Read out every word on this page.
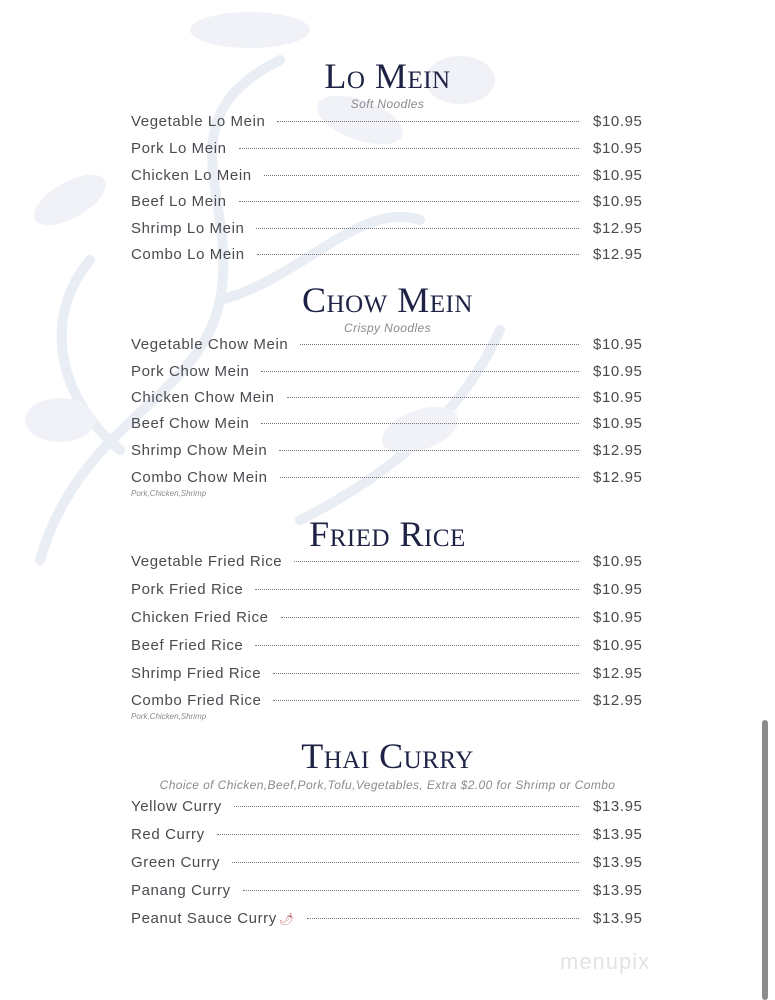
Lo Mein
Soft Noodles
Vegetable Lo Mein	$10.95
Pork Lo Mein	$10.95
Chicken Lo Mein	$10.95
Beef Lo Mein	$10.95
Shrimp Lo Mein	$12.95
Combo Lo Mein	$12.95
Chow Mein
Crispy Noodles
Vegetable Chow Mein	$10.95
Pork Chow Mein	$10.95
Chicken Chow Mein	$10.95
Beef Chow Mein	$10.95
Shrimp Chow Mein	$12.95
Combo Chow Mein	$12.95
Pork,Chicken,Shrimp
Fried Rice
Vegetable Fried Rice	$10.95
Pork Fried Rice	$10.95
Chicken Fried Rice	$10.95
Beef Fried Rice	$10.95
Shrimp Fried Rice	$12.95
Combo Fried Rice	$12.95
Pork,Chicken,Shrimp
Thai Curry
Choice of Chicken,Beef,Pork,Tofu,Vegetables, Extra $2.00 for Shrimp or Combo
Yellow Curry	$13.95
Red Curry	$13.95
Green Curry	$13.95
Panang Curry	$13.95
Peanut Sauce Curry 🌶	$13.95
menupix
